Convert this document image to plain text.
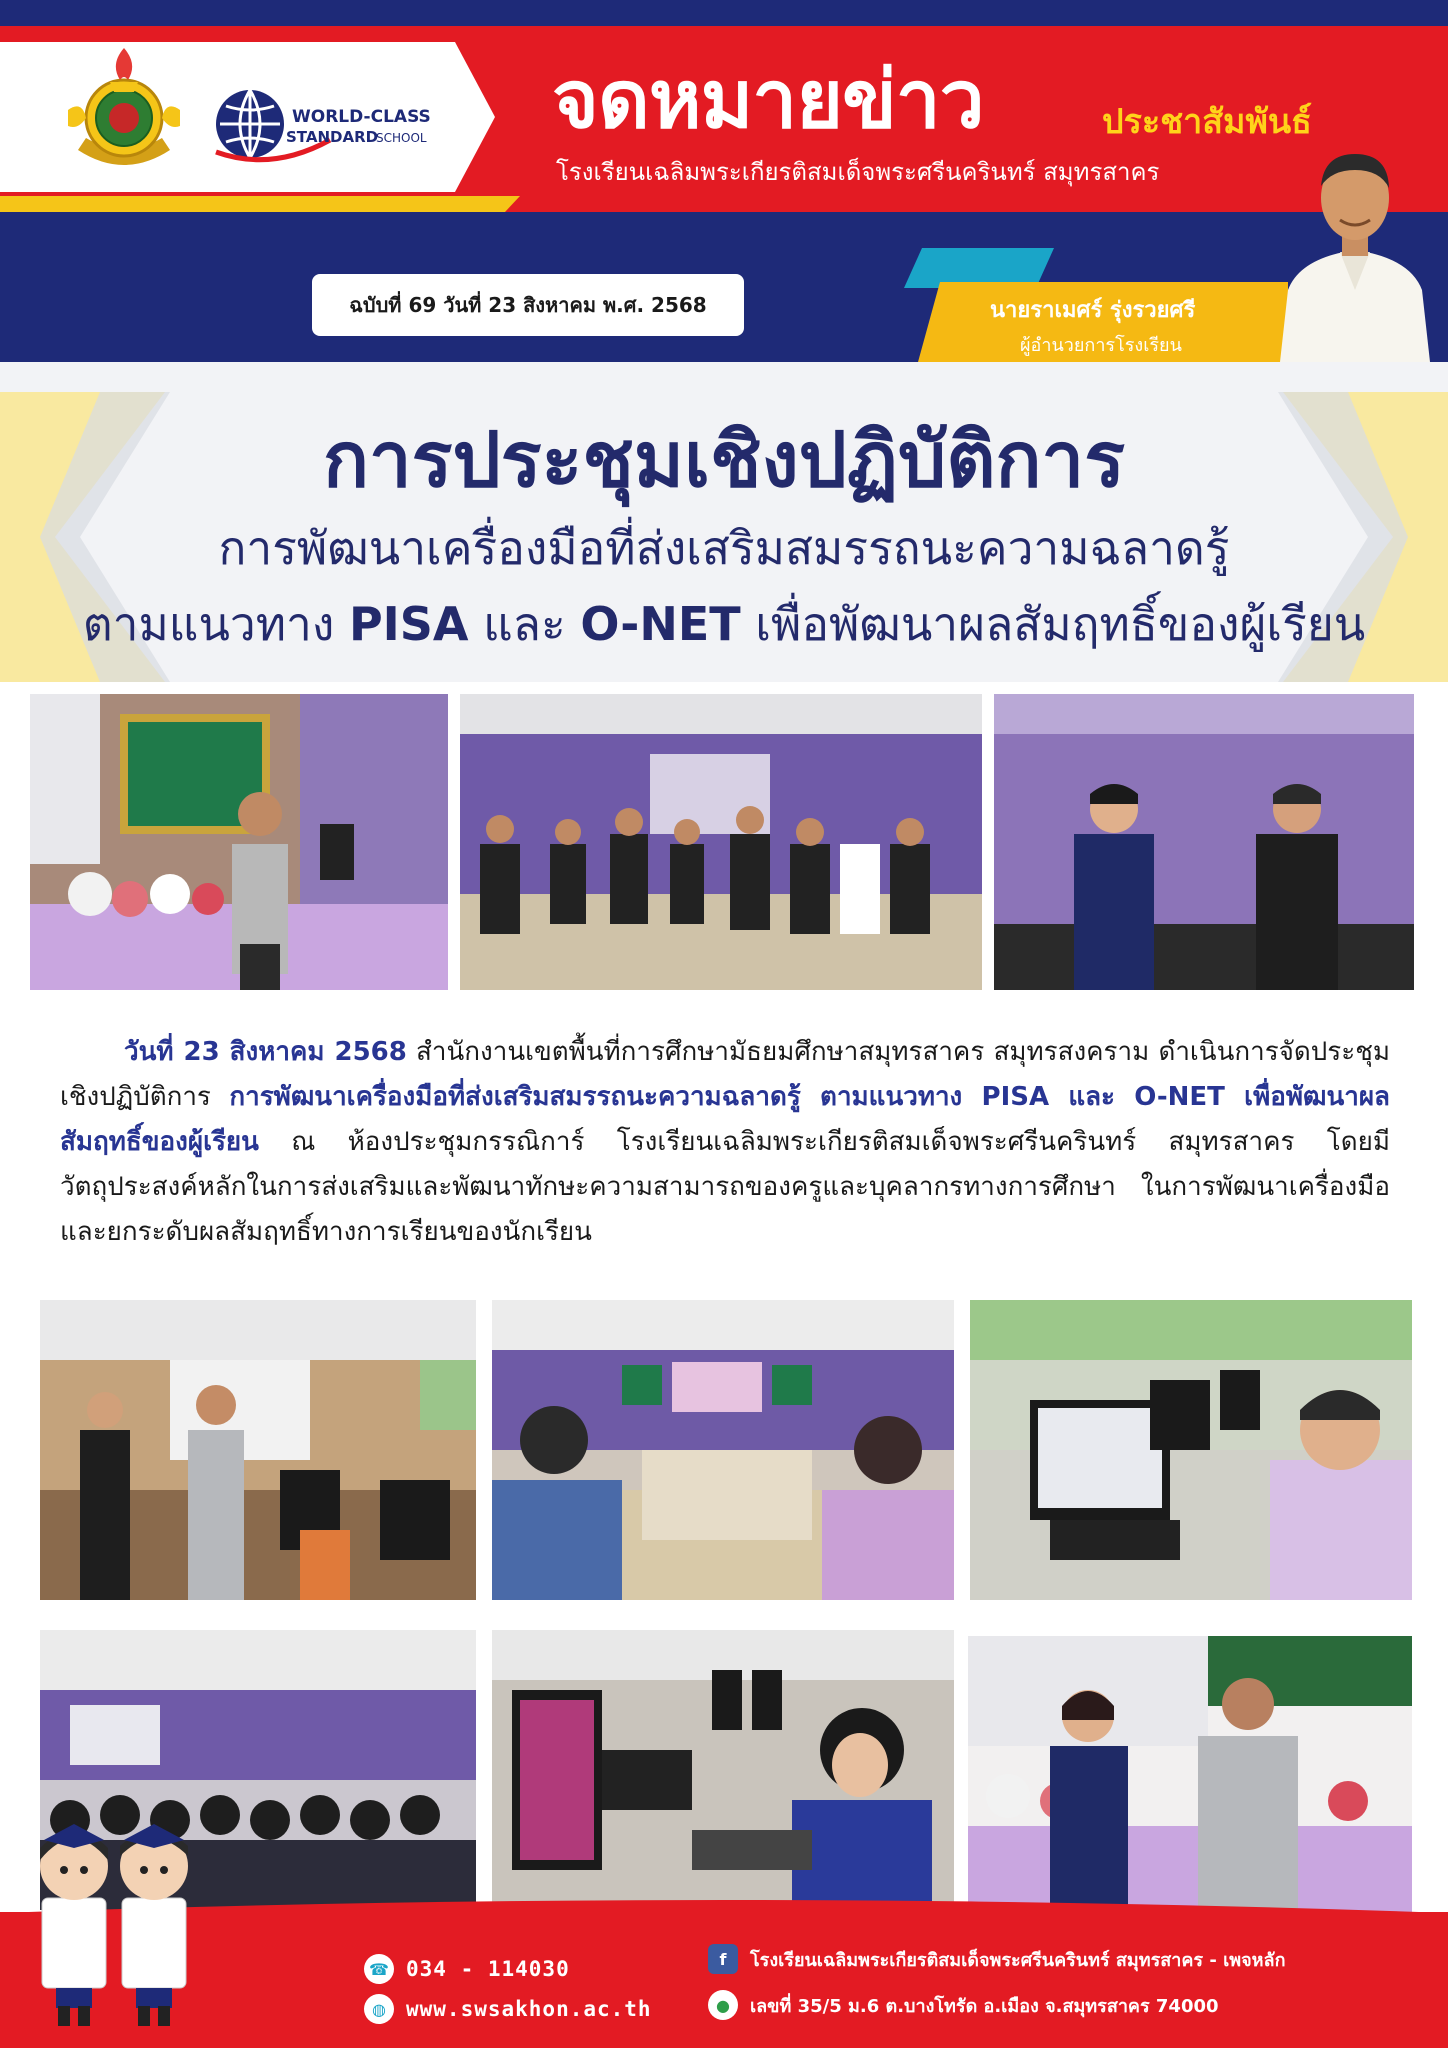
WORLD-CLASS
STANDARD
SCHOOL จดหมายข่าว	ประชาสัมพันธ์
โรงเรียนเฉลิมพระเกียรติสมเด็จพระศรีนครินทร์ สมุทรสาคร
ฉบับที่ 69 วันที่ 23 สิงหาคม พ.ศ. 2568	นายราเมศร์ รุ่งรวยศรี
ผู้อำนวยการโรงเรียน
การประชุมเชิงปฏิบัติการ
การพัฒนาเครื่องมือที่ส่งเสริมสมรรถนะความฉลาดรู้
ตามแนวทาง PISA และ O-NET เพื่อพัฒนาผลสัมฤทธิ์ของผู้เรียน
วันที่ 23 สิงหาคม 2568 สำนักงานเขตพื้นที่การศึกษามัธยมศึกษาสมุทรสาคร สมุทรสงคราม ดำเนินการจัดประชุมเชิงปฏิบัติการ การพัฒนาเครื่องมือที่ส่งเสริมสมรรถนะความฉลาดรู้ ตามแนวทาง PISA และ O-NET เพื่อพัฒนาผลสัมฤทธิ์ของผู้เรียน ณ ห้องประชุมกรรณิการ์ โรงเรียนเฉลิมพระเกียรติสมเด็จพระศรีนครินทร์ สมุทรสาคร โดยมีวัตถุประสงค์หลักในการส่งเสริมและพัฒนาทักษะความสามารถของครูและบุคลากรทางการศึกษา ในการพัฒนาเครื่องมือและยกระดับผลสัมฤทธิ์ทางการเรียนของนักเรียน
☎ 034 - 114030
◍ www.swsakhon.ac.th
f	โรงเรียนเฉลิมพระเกียรติสมเด็จพระศรีนครินทร์ สมุทรสาคร - เพจหลัก
●	เลขที่ 35/5 ม.6 ต.บางโทรัด อ.เมือง จ.สมุทรสาคร 74000
